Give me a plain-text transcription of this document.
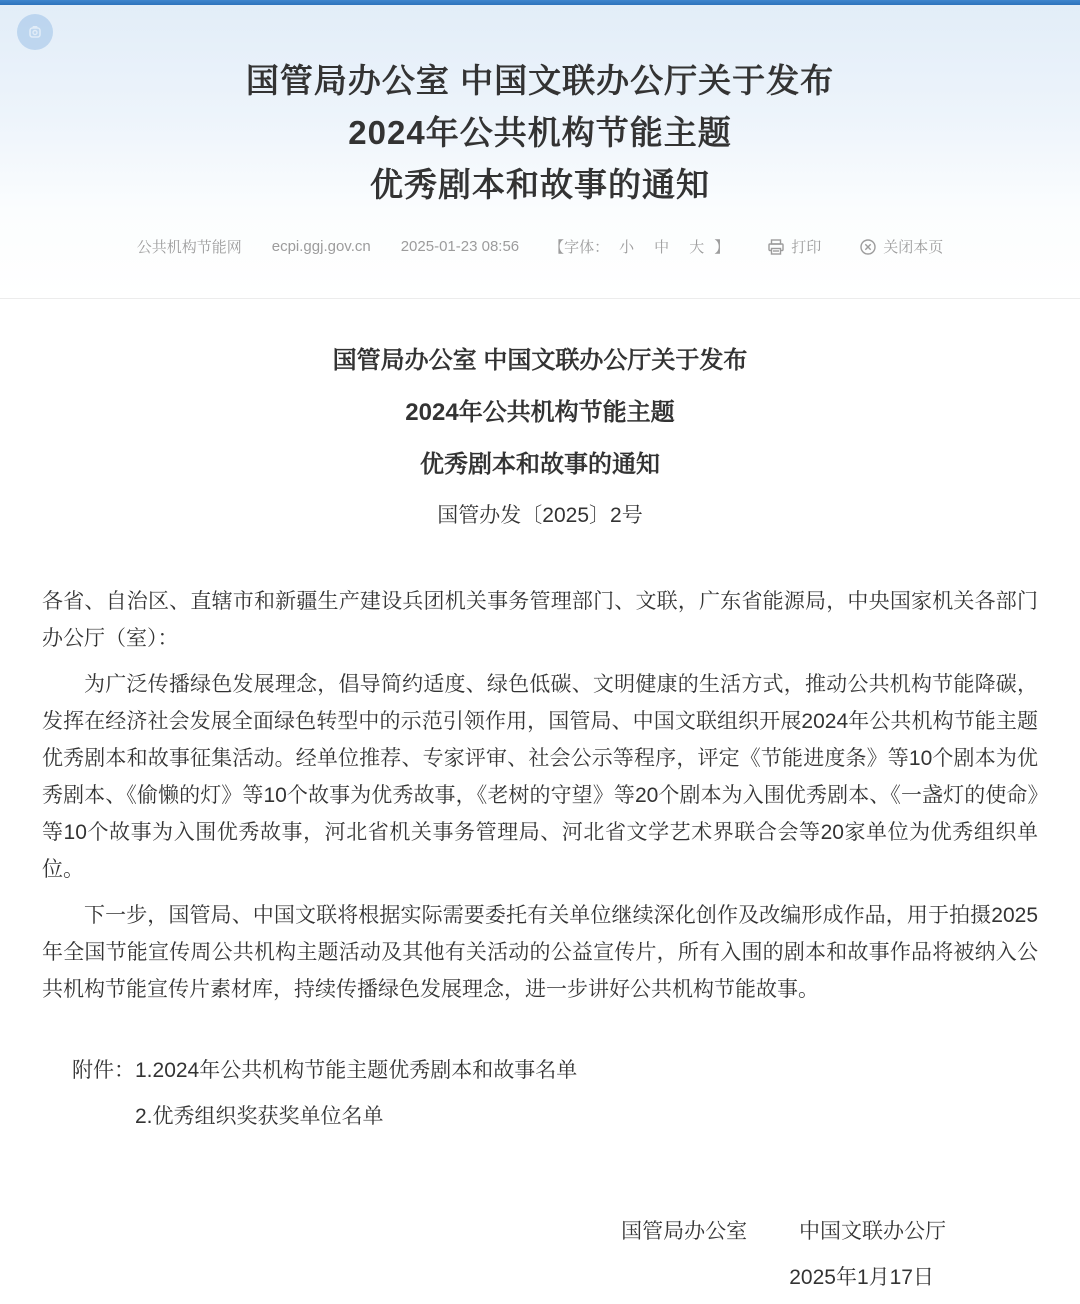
国管局办公室 中国文联办公厅关于发布
2024年公共机构节能主题
优秀剧本和故事的通知
公共机构节能网 ecpi.ggj.gov.cn 2025-01-23 08:56 【字体： 小 中 大 】	打印	关闭本页
国管局办公室 中国文联办公厅关于发布
2024年公共机构节能主题
优秀剧本和故事的通知
国管办发〔2025〕2号

各省、自治区、直辖市和新疆生产建设兵团机关事务管理部门、文联，广东省能源局，中央国家机关各部门办公厅（室）：

为广泛传播绿色发展理念，倡导简约适度、绿色低碳、文明健康的生活方式，推动公共机构节能降碳，发挥在经济社会发展全面绿色转型中的示范引领作用，国管局、中国文联组织开展2024年公共机构节能主题优秀剧本和故事征集活动。经单位推荐、专家评审、社会公示等程序，评定《节能进度条》等10个剧本为优秀剧本、《偷懒的灯》等10个故事为优秀故事，《老树的守望》等20个剧本为入围优秀剧本、《一盏灯的使命》等10个故事为入围优秀故事，河北省机关事务管理局、河北省文学艺术界联合会等20家单位为优秀组织单位。

下一步，国管局、中国文联将根据实际需要委托有关单位继续深化创作及改编形成作品，用于拍摄2025年全国节能宣传周公共机构主题活动及其他有关活动的公益宣传片，所有入围的剧本和故事作品将被纳入公共机构节能宣传片素材库，持续传播绿色发展理念，进一步讲好公共机构节能故事。

附件： 1.2024年公共机构节能主题优秀剧本和故事名单
2.优秀组织奖获奖单位名单
国管局办公室 中国文联办公厅
2025年1月17日
